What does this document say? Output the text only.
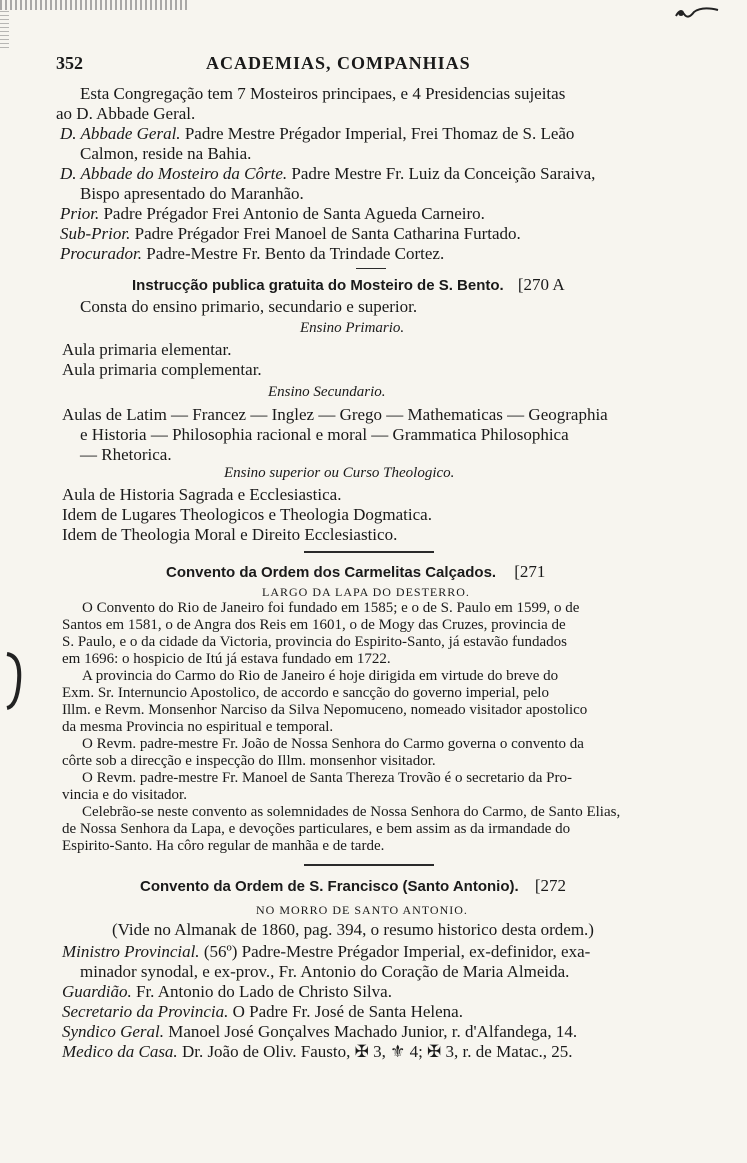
352	ACADEMIAS, COMPANHIAS
Esta Congregação tem 7 Mosteiros principaes, e 4 Presidencias sujeitas
ao D. Abbade Geral.
D. Abbade Geral. Padre Mestre Prégador Imperial, Frei Thomaz de S. Leão
Calmon, reside na Bahia.
D. Abbade do Mosteiro da Côrte. Padre Mestre Fr. Luiz da Conceição Saraiva,
Bispo apresentado do Maranhão.
Prior. Padre Prégador Frei Antonio de Santa Agueda Carneiro.
Sub-Prior. Padre Prégador Frei Manoel de Santa Catharina Furtado.
Procurador. Padre-Mestre Fr. Bento da Trindade Cortez.
Instrucção publica gratuita do Mosteiro de S. Bento. [270 A
Consta do ensino primario, secundario e superior.
Ensino Primario.
Aula primaria elementar.
Aula primaria complementar.
Ensino Secundario.
Aulas de Latim — Francez — Inglez — Grego — Mathematicas — Geographia
e Historia — Philosophia racional e moral — Grammatica Philosophica
— Rhetorica.
Ensino superior ou Curso Theologico.
Aula de Historia Sagrada e Ecclesiastica.
Idem de Lugares Theologicos e Theologia Dogmatica.
Idem de Theologia Moral e Direito Ecclesiastico.
Convento da Ordem dos Carmelitas Calçados. [271
LARGO DA LAPA DO DESTERRO.
O Convento do Rio de Janeiro foi fundado em 1585; e o de S. Paulo em 1599, o de
Santos em 1581, o de Angra dos Reis em 1601, o de Mogy das Cruzes, provincia de
S. Paulo, e o da cidade da Victoria, provincia do Espirito-Santo, já estavão fundados
em 1696: o hospicio de Itú já estava fundado em 1722.
A provincia do Carmo do Rio de Janeiro é hoje dirigida em virtude do breve do
Exm. Sr. Internuncio Apostolico, de accordo e sancção do governo imperial, pelo
Illm. e Revm. Monsenhor Narciso da Silva Nepomuceno, nomeado visitador apostolico
da mesma Provincia no espiritual e temporal.
O Revm. padre-mestre Fr. João de Nossa Senhora do Carmo governa o convento da
côrte sob a direcção e inspecção do Illm. monsenhor visitador.
O Revm. padre-mestre Fr. Manoel de Santa Thereza Trovão é o secretario da Pro-
vincia e do visitador.
Celebrão-se neste convento as solemnidades de Nossa Senhora do Carmo, de Santo Elias,
de Nossa Senhora da Lapa, e devoções particulares, e bem assim as da irmandade do
Espirito-Santo. Ha côro regular de manhãa e de tarde.
Convento da Ordem de S. Francisco (Santo Antonio). [272
NO MORRO DE SANTO ANTONIO.
(Vide no Almanak de 1860, pag. 394, o resumo historico desta ordem.)
Ministro Provincial. (56º) Padre-Mestre Prégador Imperial, ex-definidor, exa-
minador synodal, e ex-prov., Fr. Antonio do Coração de Maria Almeida.
Guardião. Fr. Antonio do Lado de Christo Silva.
Secretario da Provincia. O Padre Fr. José de Santa Helena.
Syndico Geral. Manoel José Gonçalves Machado Junior, r. d'Alfandega, 14.
Medico da Casa. Dr. João de Oliv. Fausto, ✠ 3, ⚜ 4; ✠ 3, r. de Matac., 25.
